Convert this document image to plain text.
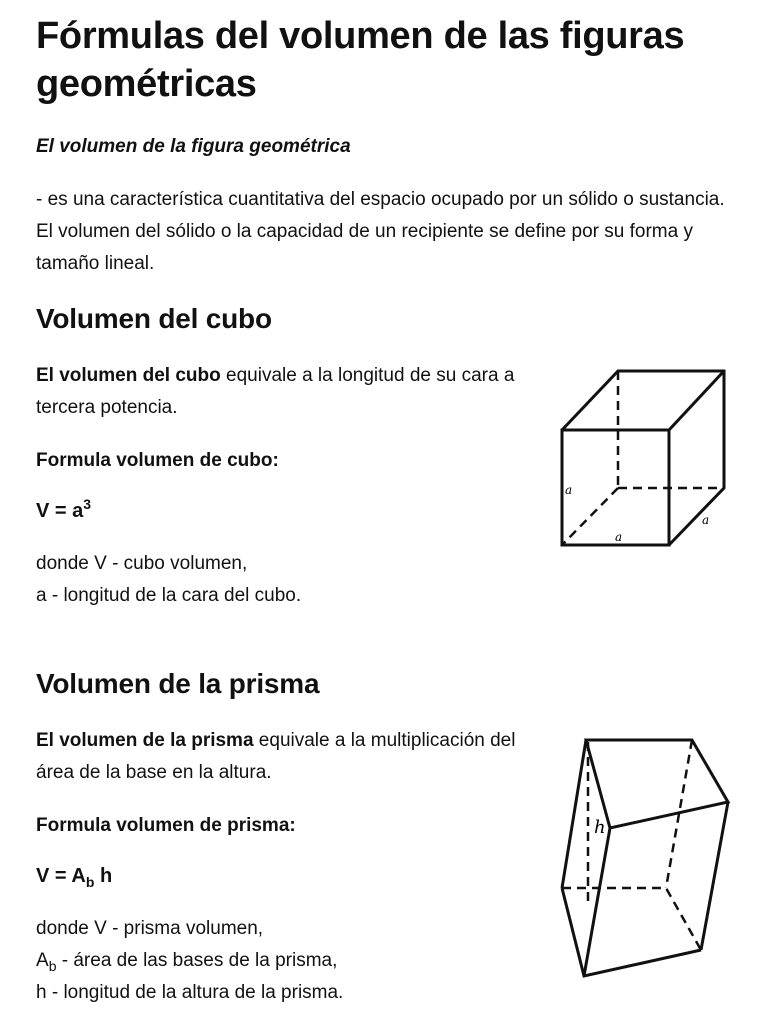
Fórmulas del volumen de las figuras geométricas

El volumen de la figura geométrica

- es una característica cuantitativa del espacio ocupado por un sólido o sustancia. El volumen del sólido o la capacidad de un recipiente se define por su forma y tamaño lineal.

Volumen del cubo

El volumen del cubo equivale a la longitud de su cara a tercera potencia.

Formula volumen de cubo:

$V = a^3$

donde V - cubo volumen,
a - longitud de la cara del cubo.

Volumen de la prisma

El volumen de la prisma equivale a la multiplicación del área de la base en la altura.

Formula volumen de prisma:

$V = A_b$ h

donde V - prisma volumen,
$A_b$ - área de las bases de la prisma,
h - longitud de la altura de la prisma.

a
a
a
h
